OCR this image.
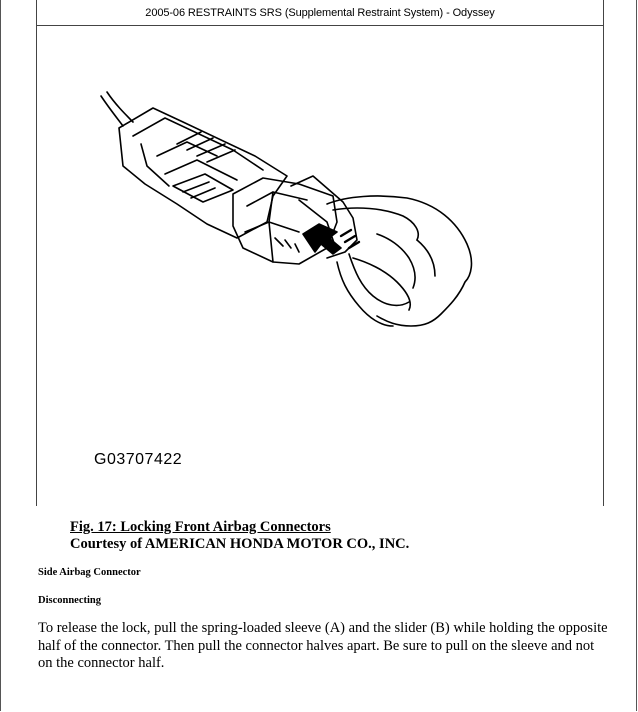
2005-06 RESTRAINTS SRS (Supplemental Restraint System) - Odyssey
G03707422
Fig. 17: Locking Front Airbag Connectors
Courtesy of AMERICAN HONDA MOTOR CO., INC.
Side Airbag Connector
Disconnecting
To release the lock, pull the spring-loaded sleeve (A) and the slider (B) while holding the opposite half of the connector. Then pull the connector halves apart. Be sure to pull on the sleeve and not on the connector half.
